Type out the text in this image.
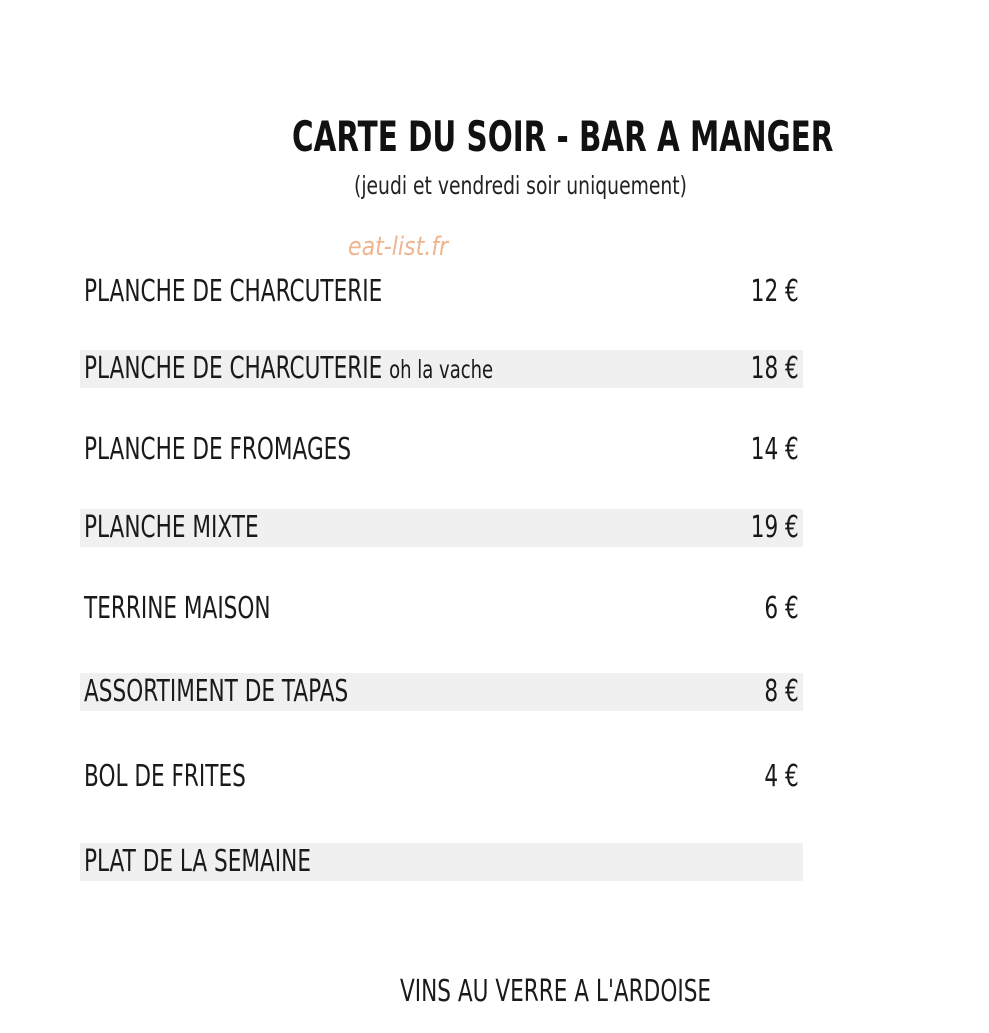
CARTE DU SOIR - BAR A MANGER
(jeudi et vendredi soir uniquement)
eat-list.fr
PLANCHE DE CHARCUTERIE	12 €
PLANCHE DE CHARCUTERIE oh la vache	18 €
PLANCHE DE FROMAGES	14 €
PLANCHE MIXTE	19 €
TERRINE MAISON	6 €
ASSORTIMENT DE TAPAS	8 €
BOL DE FRITES	4 €
PLAT DE LA SEMAINE
VINS AU VERRE A L'ARDOISE
